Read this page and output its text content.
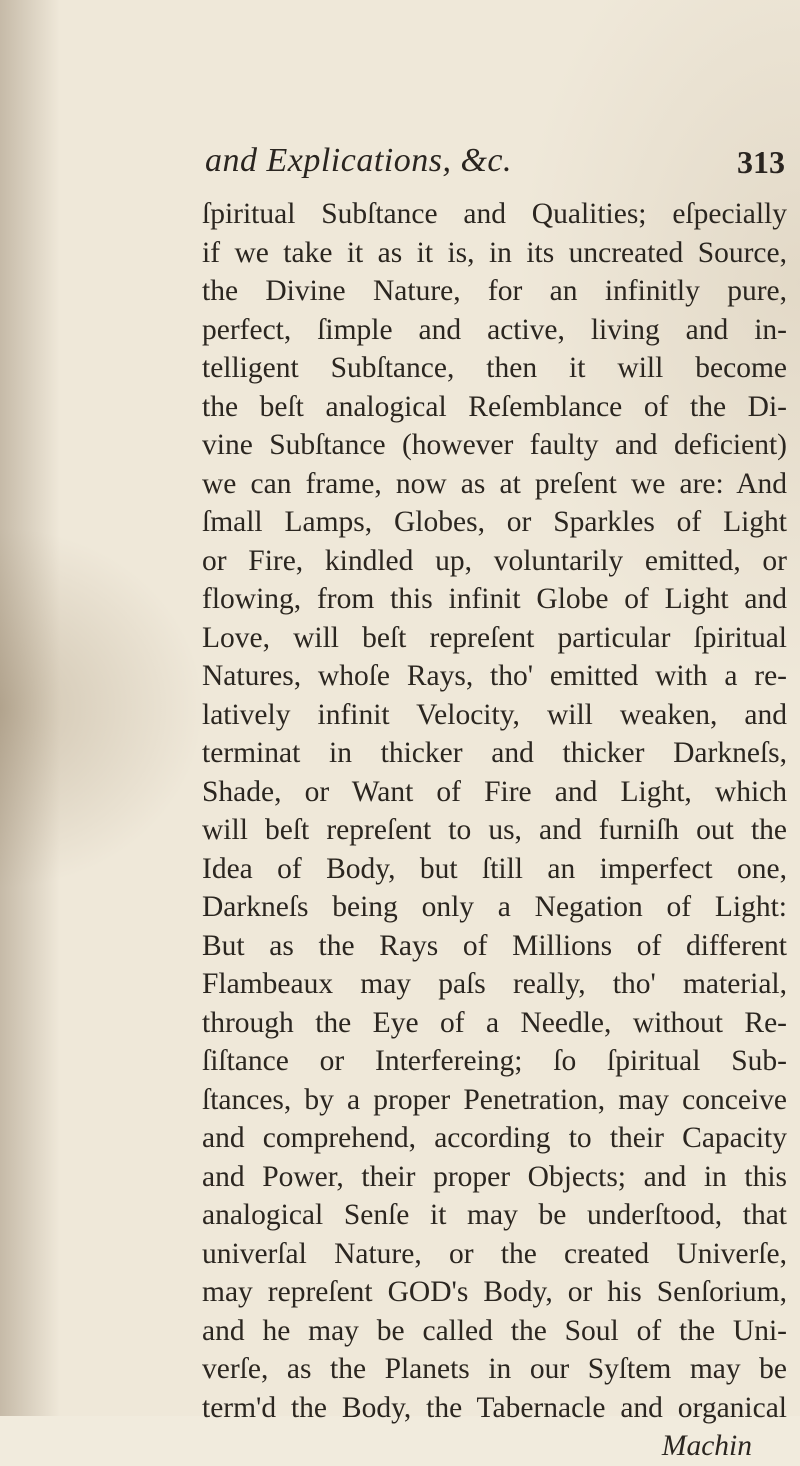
and Explications, &c.	313
ſpiritual Subſtance and Qualities; eſpecially
if we take it as it is, in its uncreated Source,
the Divine Nature, for an infinitly pure,
perfect, ſimple and active, living and in-
telligent Subſtance, then it will become
the beſt analogical Reſemblance of the Di-
vine Subſtance (however faulty and deficient)
we can frame, now as at preſent we are: And
ſmall Lamps, Globes, or Sparkles of Light
or Fire, kindled up, voluntarily emitted, or
flowing, from this infinit Globe of Light and
Love, will beſt repreſent particular ſpiritual
Natures, whoſe Rays, tho' emitted with a re-
latively infinit Velocity, will weaken, and
terminat in thicker and thicker Darkneſs,
Shade, or Want of Fire and Light, which
will beſt repreſent to us, and furniſh out the
Idea of Body, but ſtill an imperfect one,
Darkneſs being only a Negation of Light:
But as the Rays of Millions of different
Flambeaux may paſs really, tho' material,
through the Eye of a Needle, without Re-
ſiſtance or Interfereing; ſo ſpiritual Sub-
ſtances, by a proper Penetration, may conceive
and comprehend, according to their Capacity
and Power, their proper Objects; and in this
analogical Senſe it may be underſtood, that
univerſal Nature, or the created Univerſe,
may repreſent GOD's Body, or his Senſorium,
and he may be called the Soul of the Uni-
verſe, as the Planets in our Syſtem may be
term'd the Body, the Tabernacle and organical
Machin
